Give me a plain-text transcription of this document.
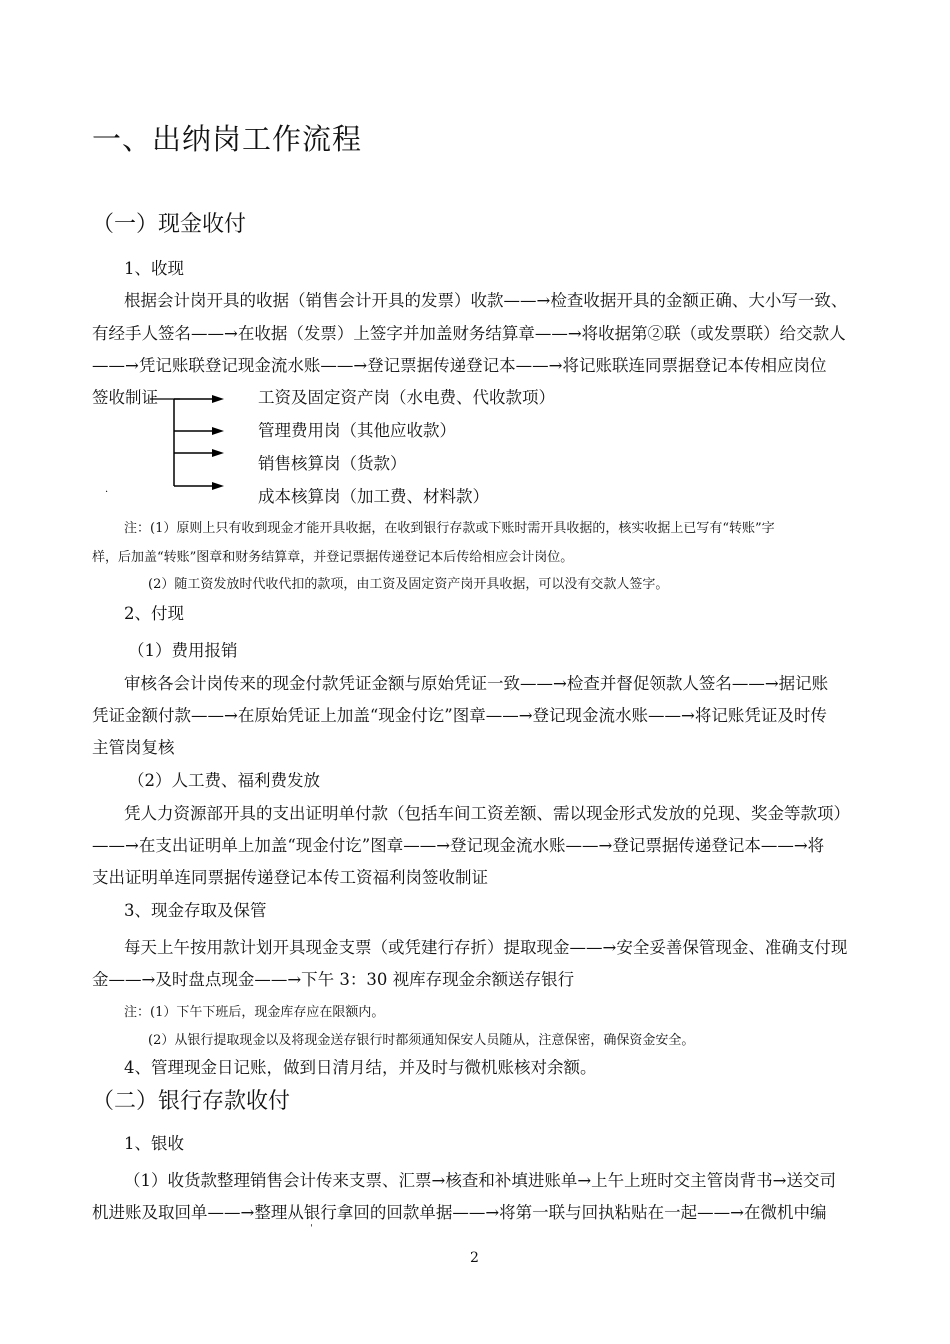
一、出纳岗工作流程
（一）现金收付
1、收现
根据会计岗开具的收据（销售会计开具的发票）收款——→检查收据开具的金额正确、大小写一致、
有经手人签名——→在收据（发票）上签字并加盖财务结算章——→将收据第②联（或发票联）给交款人
——→凭记账联登记现金流水账——→登记票据传递登记本——→将记账联连同票据登记本传相应岗位
签收制证	工资及固定资产岗（水电费、代收款项）
管理费用岗（其他应收款）
销售核算岗（货款）
成本核算岗（加工费、材料款）
·
注：(1）原则上只有收到现金才能开具收据，在收到银行存款或下账时需开具收据的，核实收据上已写有“转账”字
样，后加盖“转账”图章和财务结算章，并登记票据传递登记本后传给相应会计岗位。
(2）随工资发放时代收代扣的款项，由工资及固定资产岗开具收据，可以没有交款人签字。
2、付现
（1）费用报销
审核各会计岗传来的现金付款凭证金额与原始凭证一致——→检查并督促领款人签名——→据记账
凭证金额付款——→在原始凭证上加盖“现金付讫”图章——→登记现金流水账——→将记账凭证及时传
主管岗复核
（2）人工费、福利费发放
凭人力资源部开具的支出证明单付款（包括车间工资差额、需以现金形式发放的兑现、奖金等款项）
——→在支出证明单上加盖“现金付讫”图章——→登记现金流水账——→登记票据传递登记本——→将
支出证明单连同票据传递登记本传工资福利岗签收制证
3、现金存取及保管
每天上午按用款计划开具现金支票（或凭建行存折）提取现金——→安全妥善保管现金、准确支付现
金——→及时盘点现金——→下午 3：30 视库存现金余额送存银行
注：(1）下午下班后，现金库存应在限额内。
(2）从银行提取现金以及将现金送存银行时都须通知保安人员随从，注意保密，确保资金安全。
4、管理现金日记账，做到日清月结，并及时与微机账核对余额。
（二）银行存款收付
1、银收
（1）收货款整理销售会计传来支票、汇票→核查和补填进账单→上午上班时交主管岗背书→送交司
机进账及取回单——→整理从银行拿回的回款单据——→将第一联与回执粘贴在一起——→在微机中编
ˈ
2
